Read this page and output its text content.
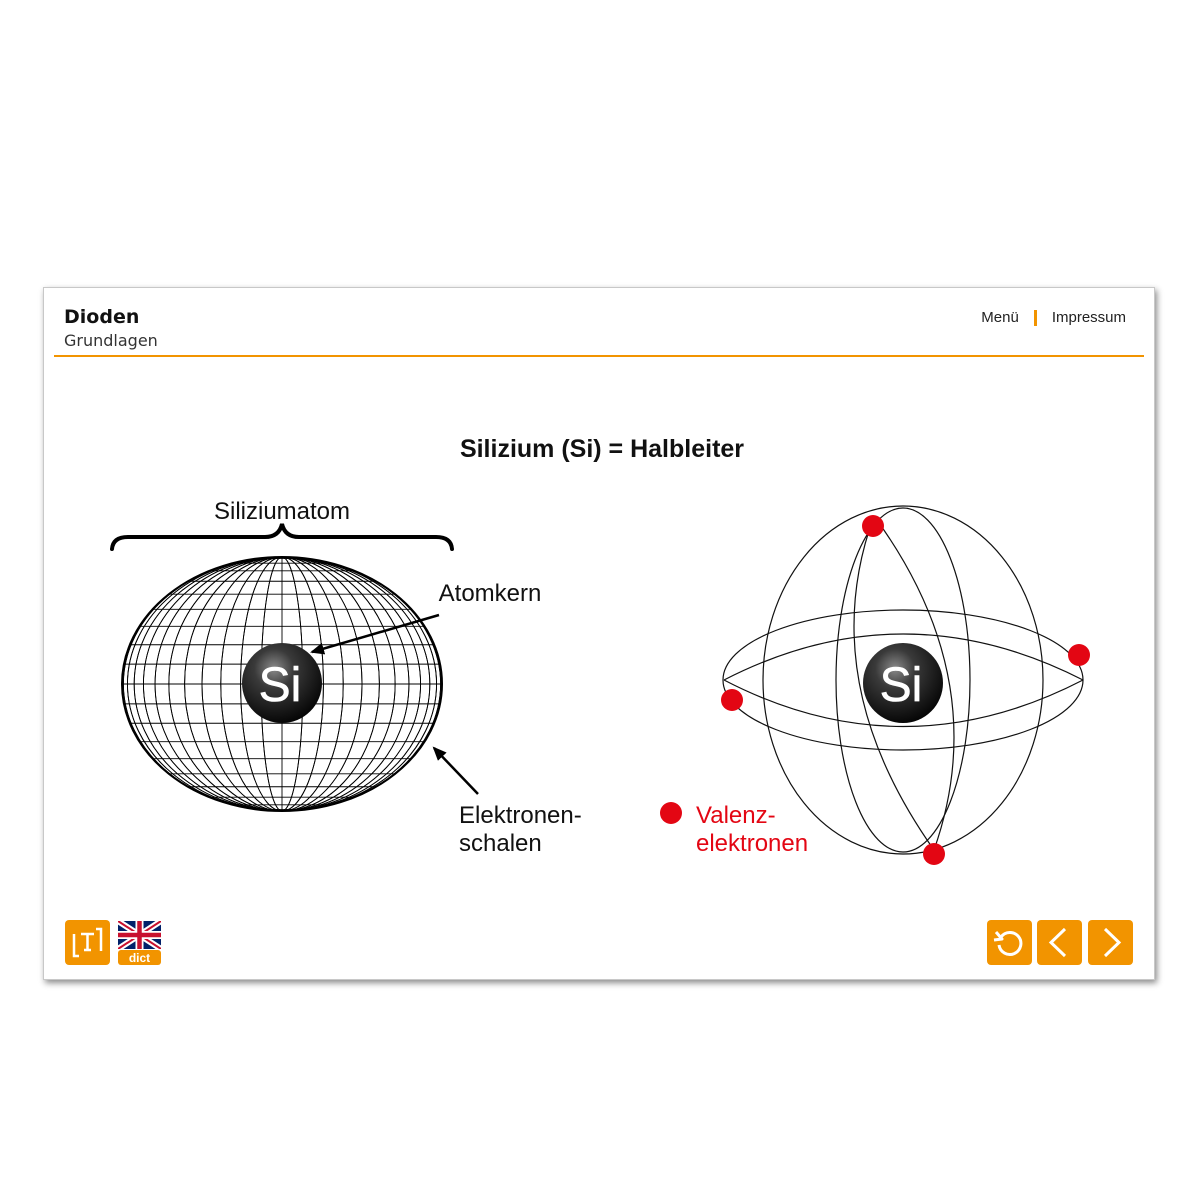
Dioden
Grundlagen
Menü Impressum
Silizium (Si) = Halbleiter
Siliziumatom
Si
Atomkern
Elektronen-
schalen
Si
Valenz-
elektronen
dict
